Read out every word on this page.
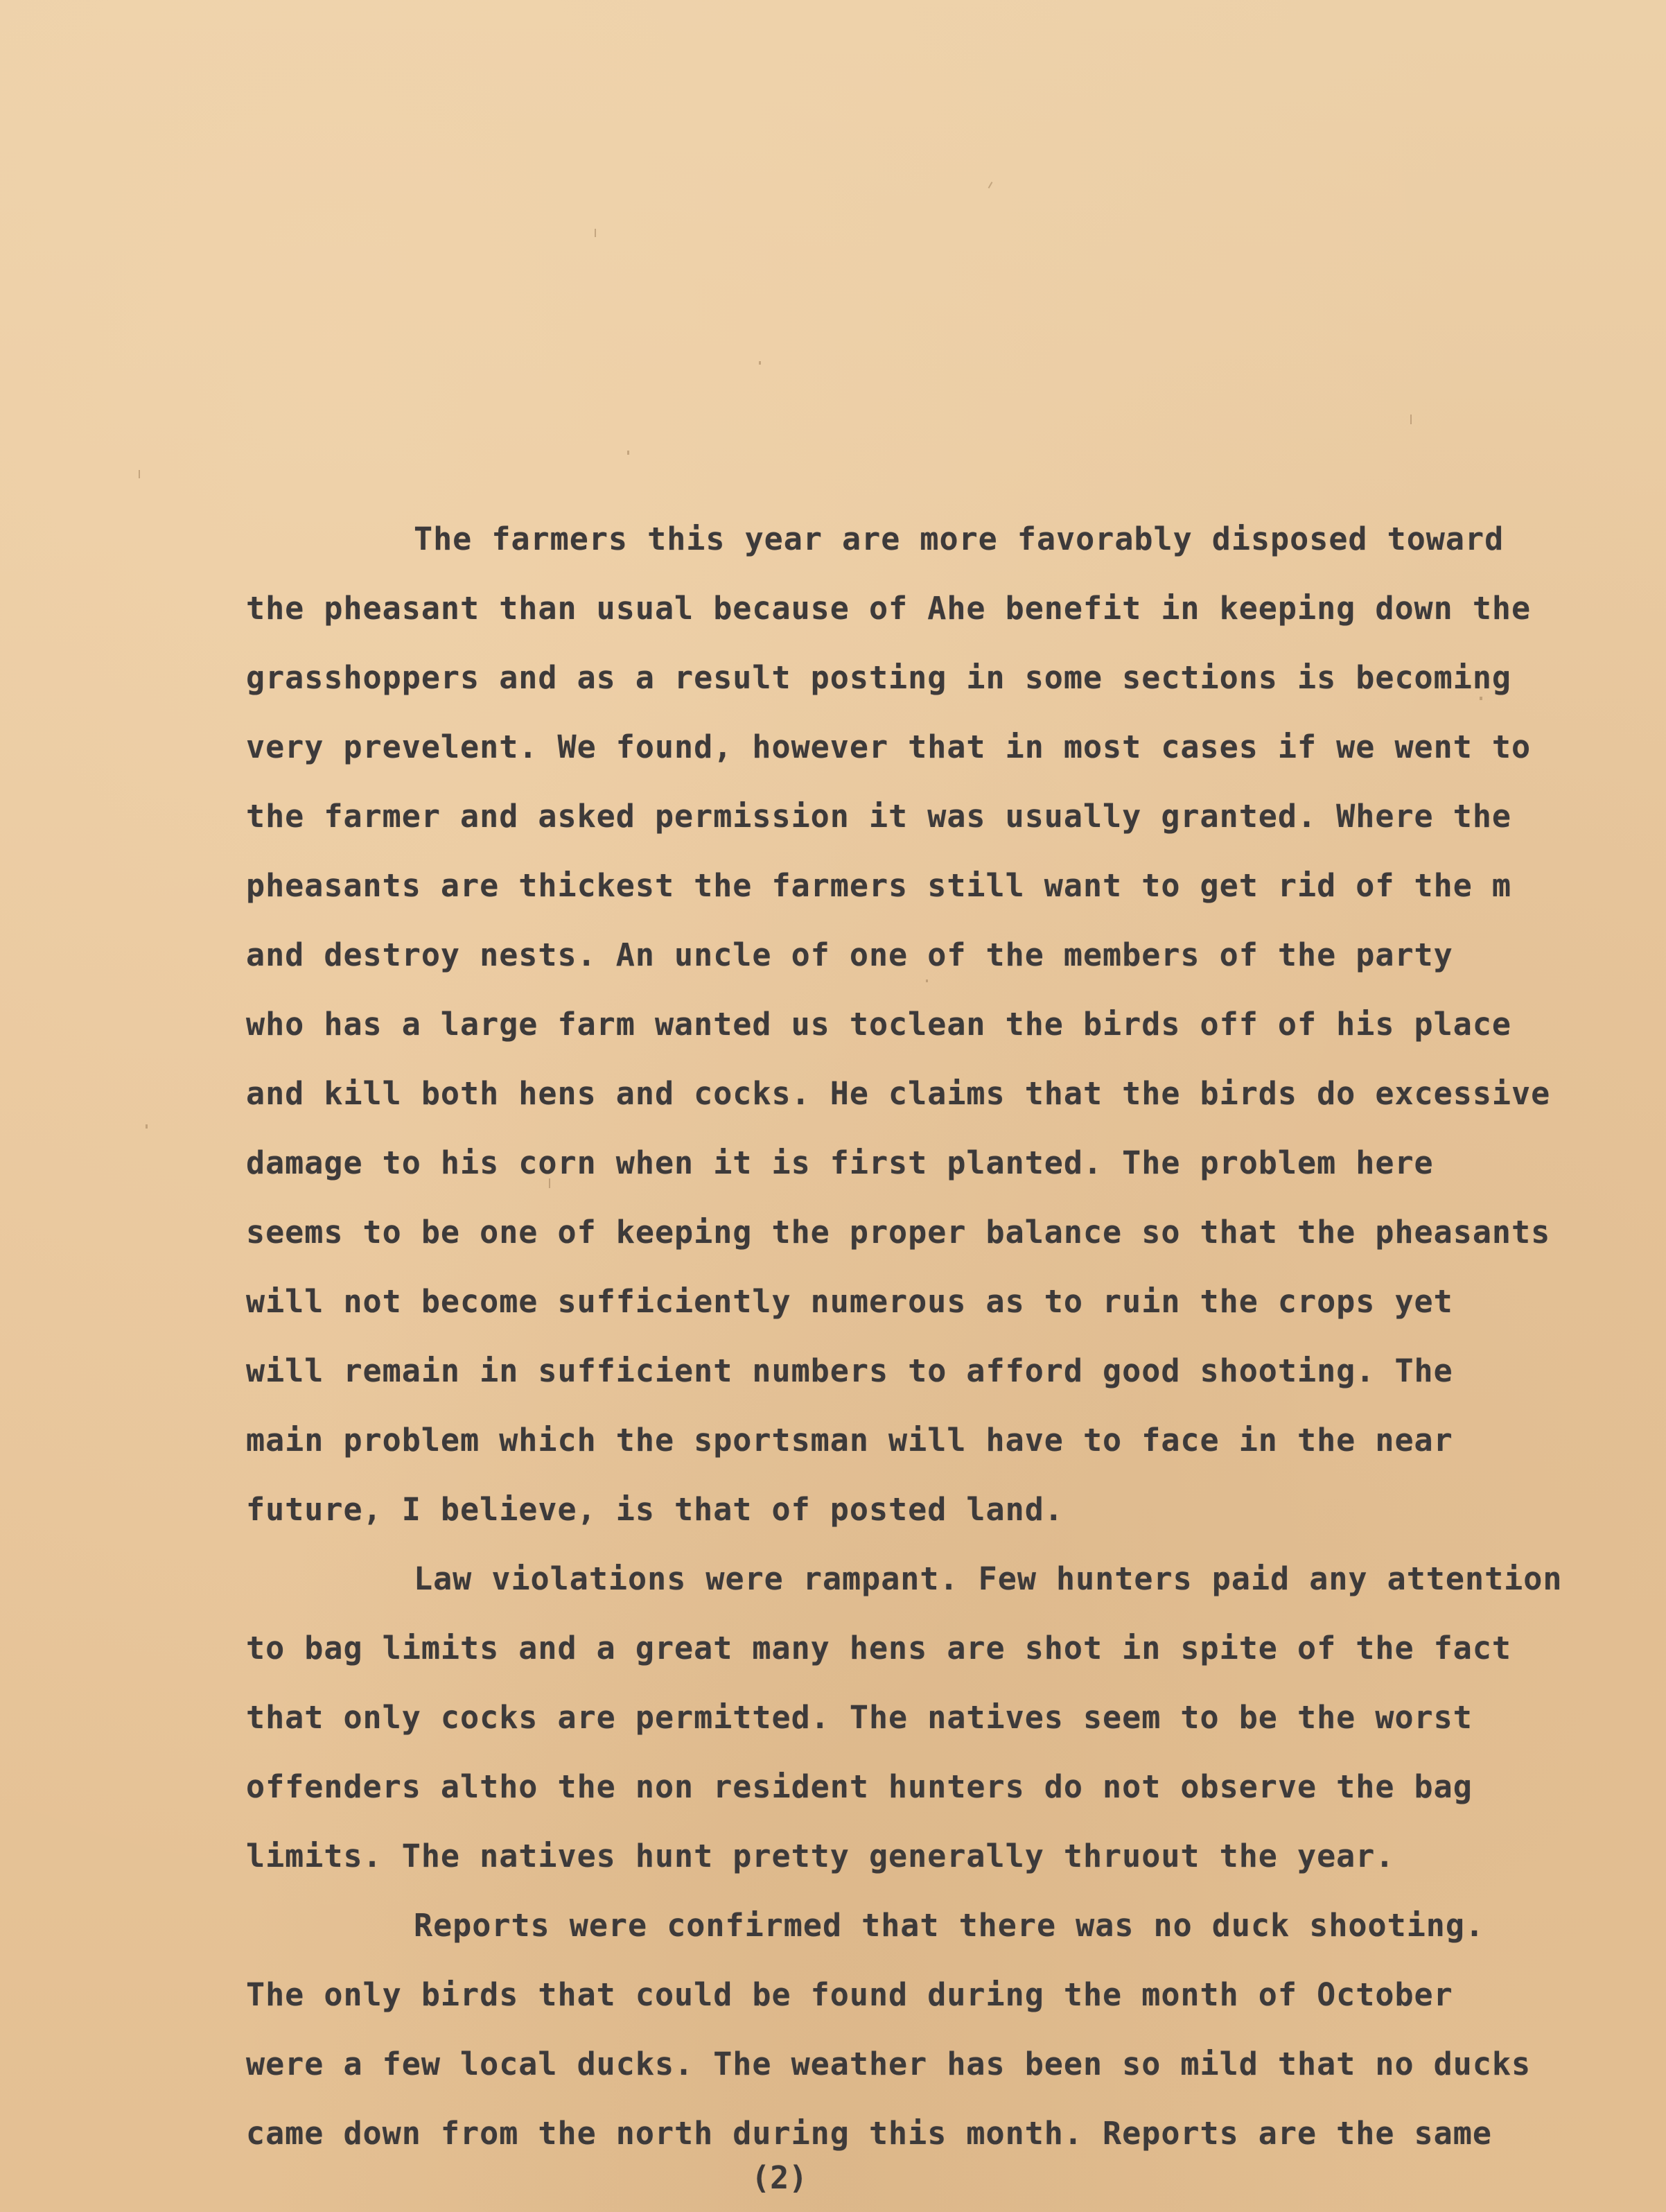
The farmers this year are more favorably disposed toward
the pheasant than usual because of Ahe benefit in keeping down the
grasshoppers and as a result posting in some sections is becoming
very prevelent. We found, however that in most cases if we went to
the farmer and asked permission it was usually granted. Where the
pheasants are thickest the farmers still want to get rid of the m
and destroy nests. An uncle of one of the members of the party
who has a large farm wanted us toclean the birds off of his place
and kill both hens and cocks. He claims that the birds do excessive
damage to his corn when it is first planted. The problem here
seems to be one of keeping the proper balance so that the pheasants
will not become sufficiently numerous as to ruin the crops yet
will remain in sufficient numbers to afford good shooting. The
main problem which the sportsman will have to face in the near
future, I believe, is that of posted land.
Law violations were rampant. Few hunters paid any attention
to bag limits and a great many hens are shot in spite of the fact
that only cocks are permitted. The natives seem to be the worst
offenders altho the non resident hunters do not observe the bag
limits. The natives hunt pretty generally thruout the year.
Reports were confirmed that there was no duck shooting.
The only birds that could be found during the month of October
were a few local ducks. The weather has been so mild that no ducks
came down from the north during this month. Reports are the same
(2)
